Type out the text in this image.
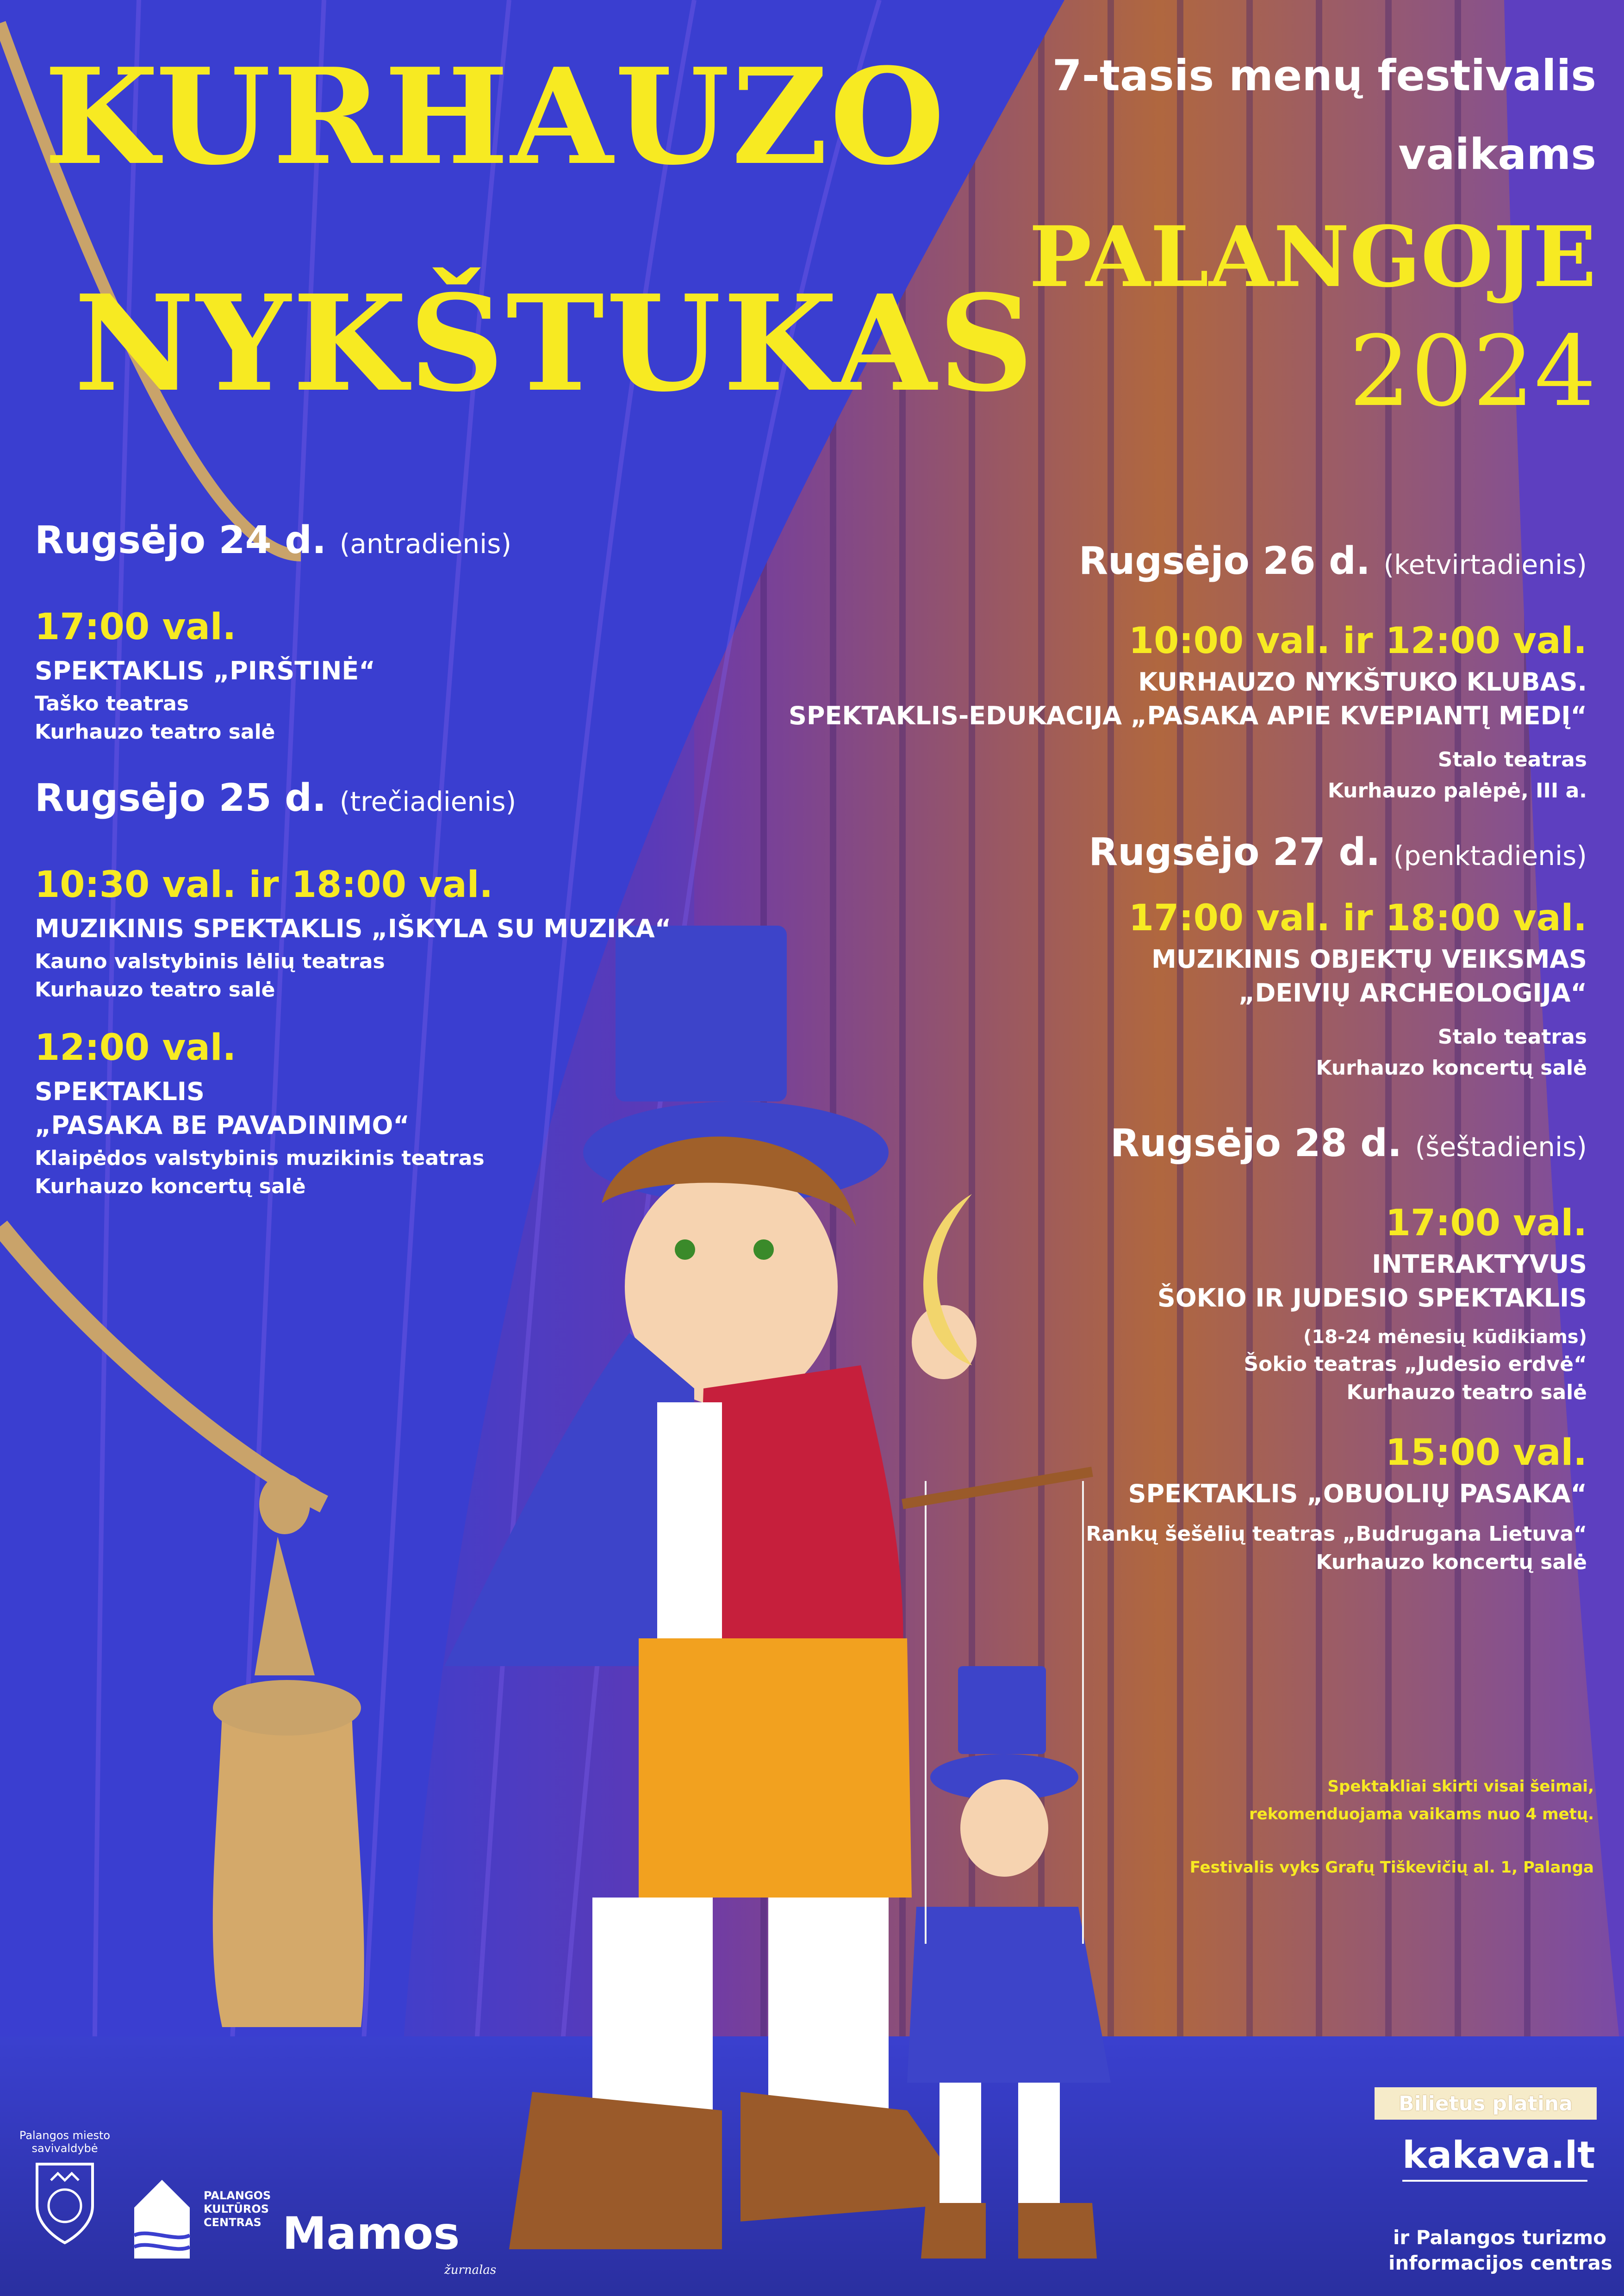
KURHAUZO
NYKŠTUKAS
7-tasis menų festivalis
vaikams
PALANGOJE
2024
Rugsėjo 24 d. (antradienis)
17:00 val.
SPEKTAKLIS „PIRŠTINĖ“
Taško teatras
Kurhauzo teatro salė
Rugsėjo 25 d. (trečiadienis)
10:30 val. ir 18:00 val.
MUZIKINIS SPEKTAKLIS „IŠKYLA SU MUZIKA“
Kauno valstybinis lėlių teatras
Kurhauzo teatro salė
12:00 val.
SPEKTAKLIS
„PASAKA BE PAVADINIMO“
Klaipėdos valstybinis muzikinis teatras
Kurhauzo koncertų salė
Rugsėjo 26 d. (ketvirtadienis)
10:00 val. ir 12:00 val.
KURHAUZO NYKŠTUKO KLUBAS.
SPEKTAKLIS-EDUKACIJA „PASAKA APIE KVEPIANTĮ MEDĮ“
Stalo teatras
Kurhauzo palėpė, III a.
Rugsėjo 27 d. (penktadienis)
17:00 val. ir 18:00 val.
MUZIKINIS OBJEKTŲ VEIKSMAS
„DEIVIŲ ARCHEOLOGIJA“
Stalo teatras
Kurhauzo koncertų salė
Rugsėjo 28 d. (šeštadienis)
17:00 val.
INTERAKTYVUS
ŠOKIO IR JUDESIO SPEKTAKLIS
(18-24 mėnesių kūdikiams)
Šokio teatras „Judesio erdvė“
Kurhauzo teatro salė
15:00 val.
SPEKTAKLIS „OBUOLIŲ PASAKA“
Rankų šešėlių teatras „Budrugana Lietuva“
Kurhauzo koncertų salė
Spektakliai skirti visai šeimai,
rekomenduojama vaikams nuo 4 metų.
Festivalis vyks Grafų Tiškevičių al. 1, Palanga
Bilietus platina
kakava.lt
ir Palangos turizmo
informacijos centras
Palangos miesto
savivaldybė
PALANGOS
KULTŪROS
CENTRAS Mamos
žurnalas
